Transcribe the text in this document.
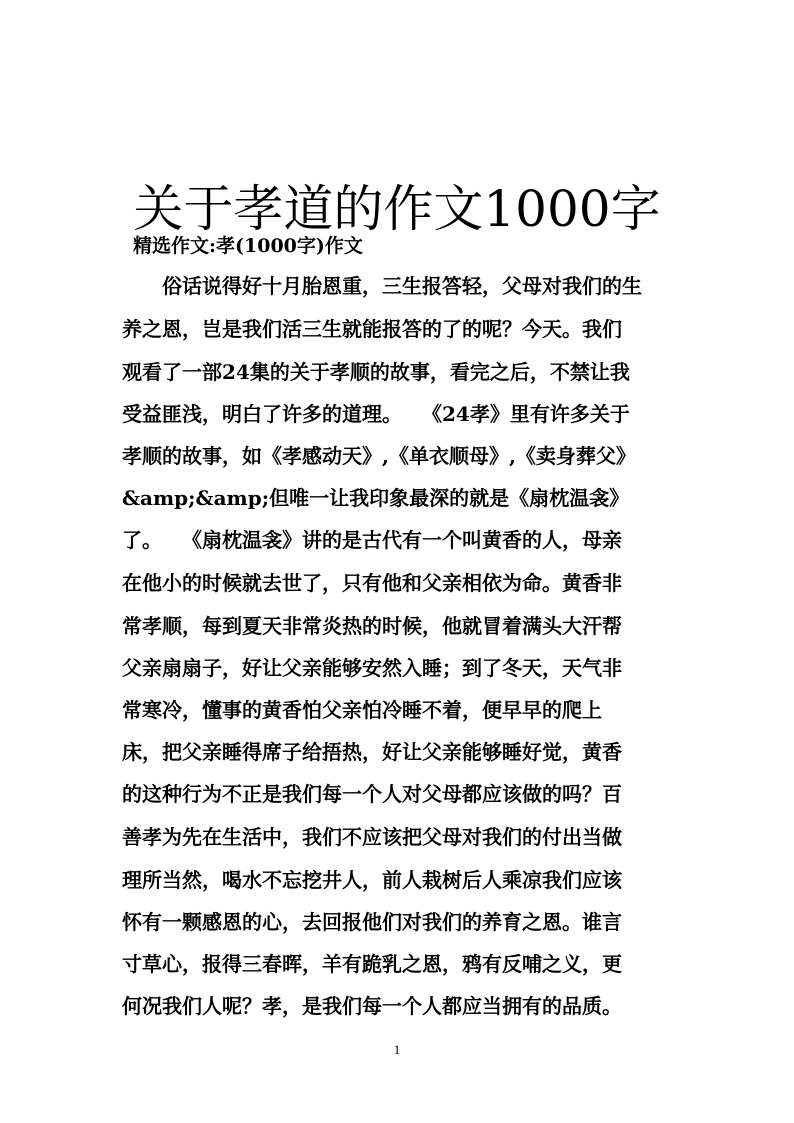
关于孝道的作文1000字
精选作文:孝(1000字)作文
俗话说得好十月胎恩重，三生报答轻，父母对我们的生
养之恩，岂是我们活三生就能报答的了的呢？今天。我们
观看了一部24集的关于孝顺的故事，看完之后，不禁让我
受益匪浅，明白了许多的道理。　　《24孝》里有许多关于
孝顺的故事，如《孝感动天》,《单衣顺母》,《卖身葬父》
&amp;&amp;但唯一让我印象最深的就是《扇枕温衾》
了。　　《扇枕温衾》讲的是古代有一个叫黄香的人，母亲
在他小的时候就去世了，只有他和父亲相依为命。黄香非
常孝顺，每到夏天非常炎热的时候，他就冒着满头大汗帮
父亲扇扇子，好让父亲能够安然入睡；到了冬天，天气非
常寒冷，懂事的黄香怕父亲怕冷睡不着，便早早的爬上
床，把父亲睡得席子给捂热，好让父亲能够睡好觉，黄香
的这种行为不正是我们每一个人对父母都应该做的吗？百
善孝为先在生活中，我们不应该把父母对我们的付出当做
理所当然，喝水不忘挖井人，前人栽树后人乘凉我们应该
怀有一颗感恩的心，去回报他们对我们的养育之恩。谁言
寸草心，报得三春晖，羊有跪乳之恩，鸦有反哺之义，更
何况我们人呢？孝，是我们每一个人都应当拥有的品质。
1
